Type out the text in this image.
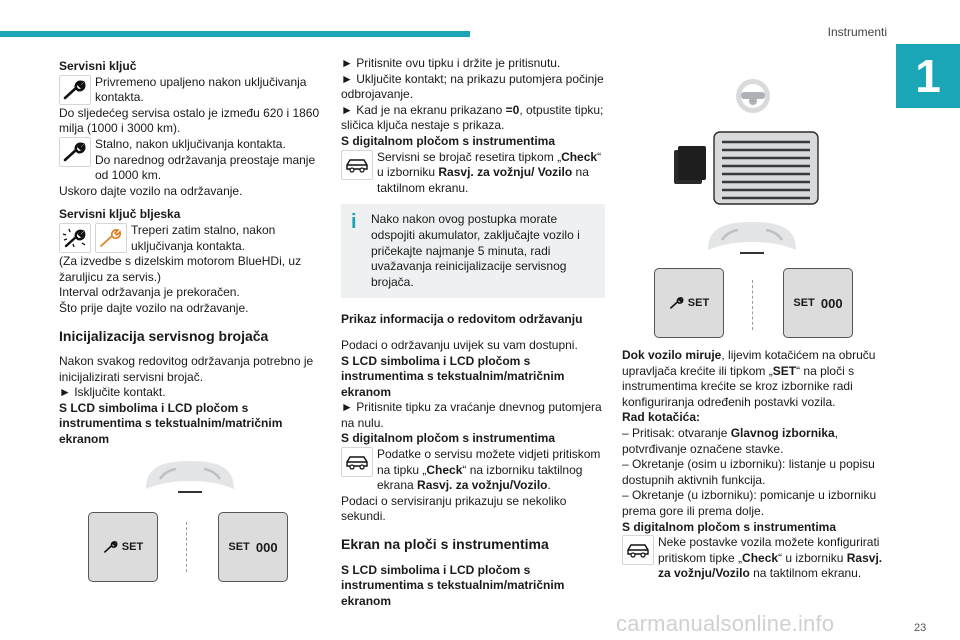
Instrumenti
1
Servisni ključ
Privremeno upaljeno nakon uključivanja kontakta.
Do sljedećeg servisa ostalo je između 620 i 1860 milja (1000 i 3000 km).
Stalno, nakon uključivanja kontakta.
Do narednog održavanja preostaje manje od 1000 km.
Uskoro dajte vozilo na održavanje.
Servisni ključ bljeska
Treperi zatim stalno, nakon uključivanja kontakta.
(Za izvedbe s dizelskim motorom BlueHDi, uz žaruljicu za servis.)
Interval održavanja je prekoračen.
Što prije dajte vozilo na održavanje.
Inicijalizacija servisnog brojača
Nakon svakog redovitog održavanja potrebno je inicijalizirati servisni brojač.
► Isključite kontakt.
S LCD simbolima i LCD pločom s instrumentima s tekstualnim/matričnim ekranom
SET	SET
000
► Pritisnite ovu tipku i držite je pritisnutu.
► Uključite kontakt; na prikazu putomjera počinje odbrojavanje.
► Kad je na ekranu prikazano =0, otpustite tipku; sličica ključa nestaje s prikaza.
S digitalnom pločom s instrumentima
Servisni se brojač resetira tipkom „Check“ u izborniku Rasvj. za vožnju/ Vozilo na taktilnom ekranu.
i	Nako nakon ovog postupka morate odspojiti akumulator, zaključajte vozilo i pričekajte najmanje 5 minuta, radi uvažavanja reinicijalizacije servisnog brojača.
Prikaz informacija o redovitom održavanju
Podaci o održavanju uvijek su vam dostupni.
S LCD simbolima i LCD pločom s instrumentima s tekstualnim/matričnim ekranom
► Pritisnite tipku za vraćanje dnevnog putomjera na nulu.
S digitalnom pločom s instrumentima
Podatke o servisu možete vidjeti pritiskom na tipku „Check“ na izborniku taktilnog ekrana Rasvj. za vožnju/Vozilo.
Podaci o servisiranju prikazuju se nekoliko sekundi.
Ekran na ploči s instrumentima
S LCD simbolima i LCD pločom s instrumentima s tekstualnim/matričnim ekranom
SET	SET
000
Dok vozilo miruje, lijevim kotačićem na obruču upravljača krećite ili tipkom „SET“ na ploči s instrumentima krećite se kroz izbornike radi konfiguriranja određenih postavki vozila.
Rad kotačića:
– Pritisak: otvaranje Glavnog izbornika, potvrđivanje označene stavke.
– Okretanje (osim u izborniku): listanje u popisu dostupnih aktivnih funkcija.
– Okretanje (u izborniku): pomicanje u izborniku prema gore ili prema dolje.
S digitalnom pločom s instrumentima
Neke postavke vozila možete konfigurirati pritiskom tipke „Check“ u izborniku Rasvj. za vožnju/Vozilo na taktilnom ekranu.
carmanualsonline.info	23
